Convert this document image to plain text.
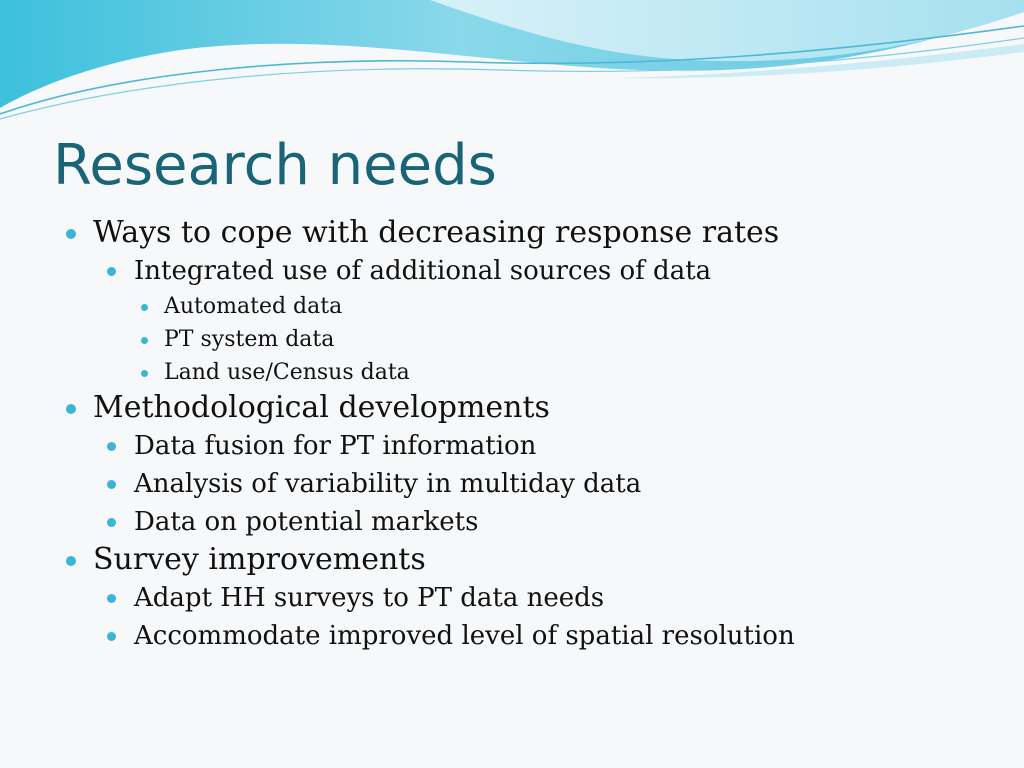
Research needs
Ways to cope with decreasing response rates
Integrated use of additional sources of data
Automated data
PT system data
Land use/Census data
Methodological developments
Data fusion for PT information
Analysis of variability in multiday data
Data on potential markets
Survey improvements
Adapt HH surveys to PT data needs
Accommodate improved level of spatial resolution
